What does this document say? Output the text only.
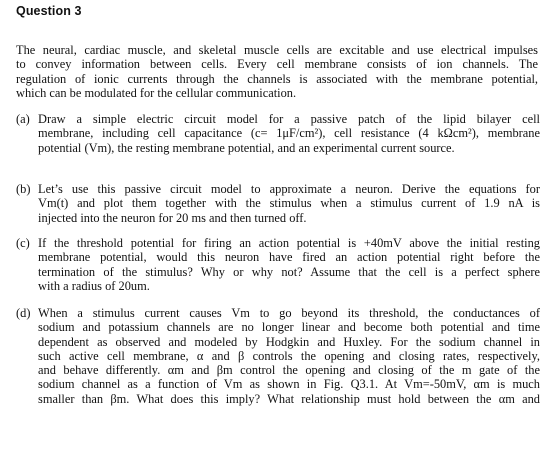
Question 3
The neural, cardiac muscle, and skeletal muscle cells are excitable and use electrical impulses
to convey information between cells. Every cell membrane consists of ion channels. The
regulation of ionic currents through the channels is associated with the membrane potential,
which can be modulated for the cellular communication.
(a) Draw a simple electric circuit model for a passive patch of the lipid bilayer cell
membrane, including cell capacitance (c= 1μF/cm²), cell resistance (4 kΩcm²), membrane
potential (Vm), the resting membrane potential, and an experimental current source.
(b) Let’s use this passive circuit model to approximate a neuron. Derive the equations for
Vm(t) and plot them together with the stimulus when a stimulus current of 1.9 nA is
injected into the neuron for 20 ms and then turned off.
(c) If the threshold potential for firing an action potential is +40mV above the initial resting
membrane potential, would this neuron have fired an action potential right before the
termination of the stimulus? Why or why not? Assume that the cell is a perfect sphere
with a radius of 20um.
(d) When a stimulus current causes Vm to go beyond its threshold, the conductances of
sodium and potassium channels are no longer linear and become both potential and time
dependent as observed and modeled by Hodgkin and Huxley. For the sodium channel in
such active cell membrane, α and β controls the opening and closing rates, respectively,
and behave differently. αm and βm control the opening and closing of the m gate of the
sodium channel as a function of Vm as shown in Fig. Q3.1. At Vm=-50mV, αm is much
smaller than βm. What does this imply? What relationship must hold between the αm and
